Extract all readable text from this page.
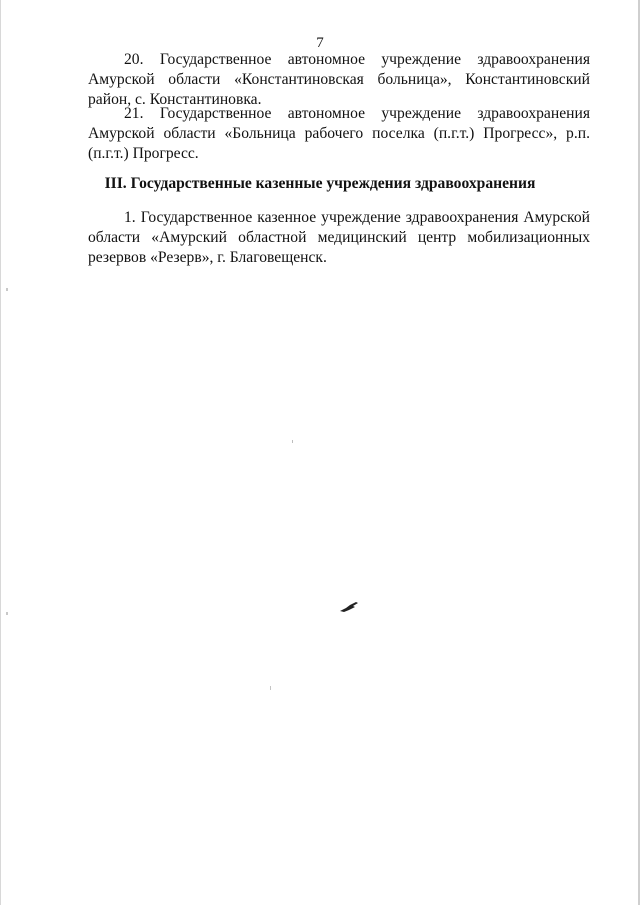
7

20. Государственное автономное учреждение здравоохранения Амурской области «Константиновская больница», Константиновский район, с. Константиновка.

21. Государственное автономное учреждение здравоохранения Амурской области «Больница рабочего поселка (п.г.т.) Прогресс», р.п. (п.г.т.) Прогресс.

III. Государственные казенные учреждения здравоохранения

1. Государственное казенное учреждение здравоохранения Амурской области «Амурский областной медицинский центр мобилизационных резервов «Резерв», г. Благовещенск.
